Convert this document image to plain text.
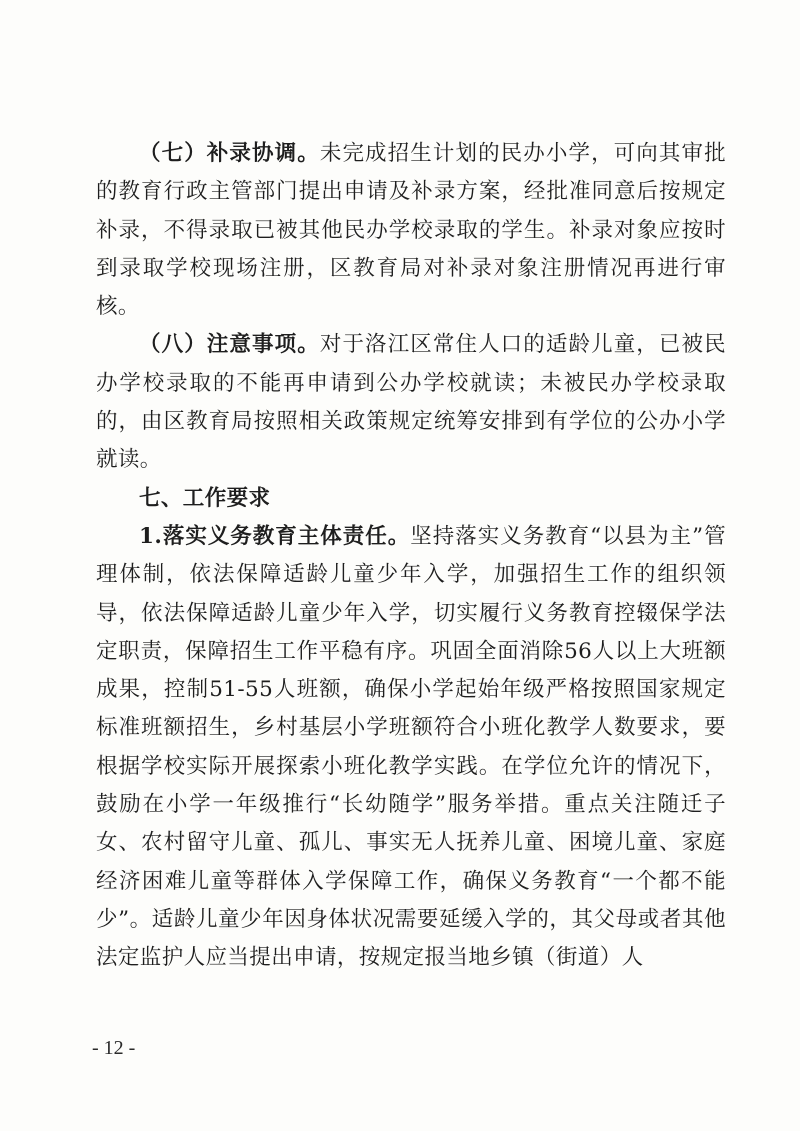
（七）补录协调。未完成招生计划的民办小学，可向其审批的教育行政主管部门提出申请及补录方案，经批准同意后按规定补录，不得录取已被其他民办学校录取的学生。补录对象应按时到录取学校现场注册，区教育局对补录对象注册情况再进行审核。

（八）注意事项。对于洛江区常住人口的适龄儿童，已被民办学校录取的不能再申请到公办学校就读；未被民办学校录取的，由区教育局按照相关政策规定统筹安排到有学位的公办小学就读。

七、工作要求

1.落实义务教育主体责任。坚持落实义务教育“以县为主”管理体制，依法保障适龄儿童少年入学，加强招生工作的组织领导，依法保障适龄儿童少年入学，切实履行义务教育控辍保学法定职责，保障招生工作平稳有序。巩固全面消除56人以上大班额成果，控制51-55人班额，确保小学起始年级严格按照国家规定标准班额招生，乡村基层小学班额符合小班化教学人数要求，要根据学校实际开展探索小班化教学实践。在学位允许的情况下，鼓励在小学一年级推行“长幼随学”服务举措。重点关注随迁子女、农村留守儿童、孤儿、事实无人抚养儿童、困境儿童、家庭经济困难儿童等群体入学保障工作，确保义务教育“一个都不能少”。适龄儿童少年因身体状况需要延缓入学的，其父母或者其他法定监护人应当提出申请，按规定报当地乡镇（街道）人

- 12 -
